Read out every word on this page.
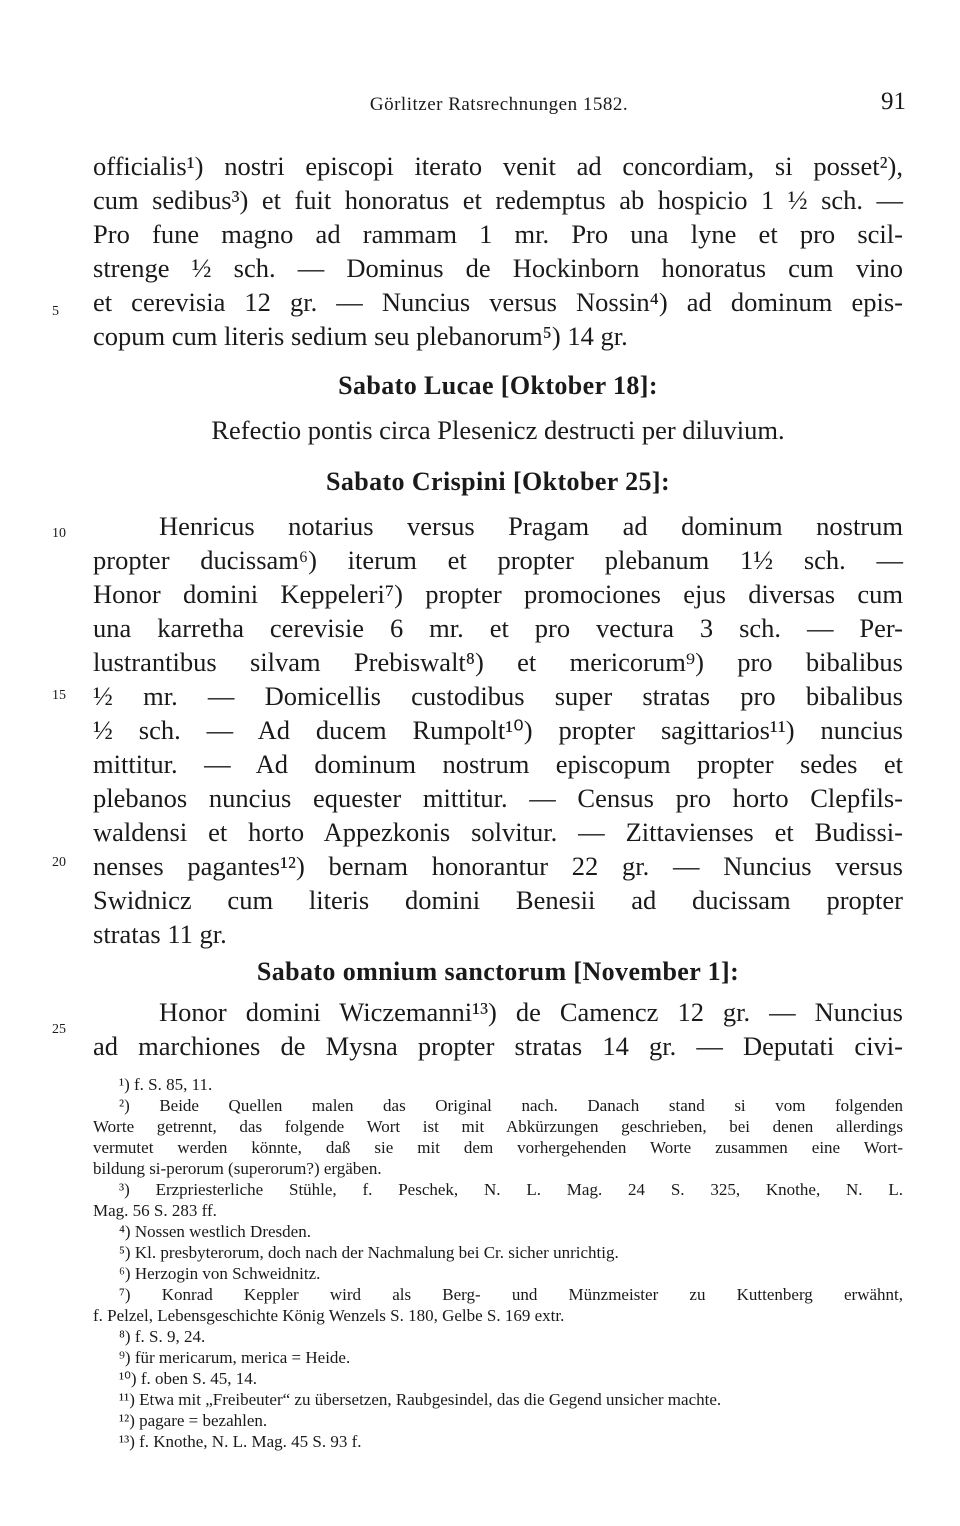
Görlitzer Ratsrechnungen 1582.	91
5
10
15
20
25
officialis¹) nostri episcopi iterato venit ad concordiam, si posset²),
cum sedibus³) et fuit honoratus et redemptus ab hospicio 1 ½ sch. —
Pro fune magno ad rammam 1 mr. Pro una lyne et pro scil-
strenge ½ sch. — Dominus de Hockinborn honoratus cum vino
et cerevisia 12 gr. — Nuncius versus Nossin⁴) ad dominum epis-
copum cum literis sedium seu plebanorum⁵) 14 gr.
Sabato Lucae [Oktober 18]:
Refectio pontis circa Plesenicz destructi per diluvium.
Sabato Crispini [Oktober 25]:
Henricus notarius versus Pragam ad dominum nostrum
propter ducissam⁶) iterum et propter plebanum 1½ sch. —
Honor domini Keppeleri⁷) propter promociones ejus diversas cum
una karretha cerevisie 6 mr. et pro vectura 3 sch. — Per-
lustrantibus silvam Prebiswalt⁸) et mericorum⁹) pro bibalibus
½ mr. — Domicellis custodibus super stratas pro bibalibus
½ sch. — Ad ducem Rumpolt¹⁰) propter sagittarios¹¹) nuncius
mittitur. — Ad dominum nostrum episcopum propter sedes et
plebanos nuncius equester mittitur. — Census pro horto Clepfils-
waldensi et horto Appezkonis solvitur. — Zittavienses et Budissi-
nenses pagantes¹²) bernam honorantur 22 gr. — Nuncius versus
Swidnicz cum literis domini Benesii ad ducissam propter
stratas 11 gr.
Sabato omnium sanctorum [November 1]:
Honor domini Wiczemanni¹³) de Camencz 12 gr. — Nuncius
ad marchiones de Mysna propter stratas 14 gr. — Deputati civi-
¹) f. S. 85, 11.
²) Beide Quellen malen das Original nach. Danach stand si vom folgenden
Worte getrennt, das folgende Wort ist mit Abkürzungen geschrieben, bei denen allerdings
vermutet werden könnte, daß sie mit dem vorhergehenden Worte zusammen eine Wort-
bildung si-perorum (superorum?) ergäben.
³) Erzpriesterliche Stühle, f. Peschek, N. L. Mag. 24 S. 325, Knothe, N. L.
Mag. 56 S. 283 ff.
⁴) Nossen westlich Dresden.
⁵) Kl. presbyterorum, doch nach der Nachmalung bei Cr. sicher unrichtig.
⁶) Herzogin von Schweidnitz.
⁷) Konrad Keppler wird als Berg- und Münzmeister zu Kuttenberg erwähnt,
f. Pelzel, Lebensgeschichte König Wenzels S. 180, Gelbe S. 169 extr.
⁸) f. S. 9, 24.
⁹) für mericarum, merica = Heide.
¹⁰) f. oben S. 45, 14.
¹¹) Etwa mit „Freibeuter“ zu übersetzen, Raubgesindel, das die Gegend unsicher machte.
¹²) pagare = bezahlen.
¹³) f. Knothe, N. L. Mag. 45 S. 93 f.
